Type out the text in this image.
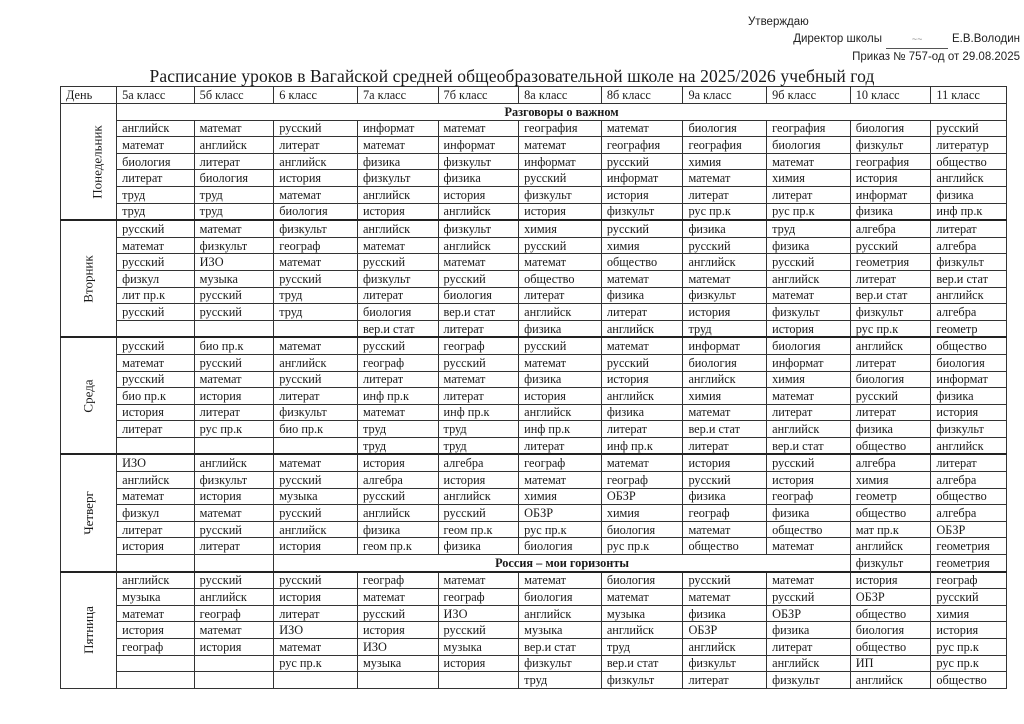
Утверждаю
Директор школы	~~	Е.В.Володин
Приказ № 757-од от 29.08.2025
Расписание уроков в Вагайской средней общеобразовательной школе на 2025/2026 учебный год
День	5а класс	5б класс	6 класс	7а класс	7б класс	8а класс	8б класс	9а класс	9б класс	10 класс	11 класс
Понедельник	Разговоры о важном										
	английск	математ	русский	информат	математ	география	математ	биология	география	биология	русский
	математ	английск	литерат	математ	информат	математ	география	география	биология	физкульт	литератур
	биология	литерат	английск	физика	физкульт	информат	русский	химия	математ	география	общество
	литерат	биология	история	физкульт	физика	русский	информат	математ	химия	история	английск
	труд	труд	математ	английск	история	физкульт	история	литерат	литерат	информат	физика
	труд	труд	биология	история	английск	история	физкульт	рус пр.к	рус пр.к	физика	инф пр.к
Вторник	русский	математ	физкульт	английск	физкульт	химия	русский	физика	труд	алгебра	литерат
	математ	физкульт	географ	математ	английск	русский	химия	русский	физика	русский	алгебра
	русский	ИЗО	математ	русский	математ	математ	общество	английск	русский	геометрия	физкульт
	физкул	музыка	русский	физкульт	русский	общество	математ	математ	английск	литерат	вер.и стат
	лит пр.к	русский	труд	литерат	биология	литерат	физика	физкульт	математ	вер.и стат	английск
	русский	русский	труд	биология	вер.и стат	английск	литерат	история	физкульт	физкульт	алгебра
				вер.и стат	литерат	физика	английск	труд	история	рус пр.к	геометр
Среда	русский	био пр.к	математ	русский	географ	русский	математ	информат	биология	английск	общество
	математ	русский	английск	географ	русский	математ	русский	биология	информат	литерат	биология
	русский	математ	русский	литерат	математ	физика	история	английск	химия	биология	информат
	био пр.к	история	литерат	инф пр.к	литерат	история	английск	химия	математ	русский	физика
	история	литерат	физкульт	математ	инф пр.к	английск	физика	математ	литерат	литерат	история
	литерат	рус пр.к	био пр.к	труд	труд	инф пр.к	литерат	вер.и стат	английск	физика	физкульт
				труд	труд	литерат	инф пр.к	литерат	вер.и стат	общество	английск
Четверг	ИЗО	английск	математ	история	алгебра	географ	математ	история	русский	алгебра	литерат
	английск	физкульт	русский	алгебра	история	математ	географ	русский	история	химия	алгебра
	математ	история	музыка	русский	английск	химия	ОБЗР	физика	географ	геометр	общество
	физкул	математ	русский	английск	русский	ОБЗР	химия	географ	физика	общество	алгебра
	литерат	русский	английск	физика	геом пр.к	рус пр.к	биология	математ	общество	мат пр.к	ОБЗР
	история	литерат	история	геом пр.к	физика	биология	рус пр.к	общество	математ	английск	геометрия
			Россия – мои горизонты							физкульт	геометрия
Пятница	английск	русский	русский	географ	математ	математ	биология	русский	математ	история	географ
	музыка	английск	история	математ	географ	биология	математ	математ	русский	ОБЗР	русский
	математ	географ	литерат	русский	ИЗО	английск	музыка	физика	ОБЗР	общество	химия
	история	математ	ИЗО	история	русский	музыка	английск	ОБЗР	физика	биология	история
	географ	история	математ	ИЗО	музыка	вер.и стат	труд	английск	литерат	общество	рус пр.к
			рус пр.к	музыка	история	физкульт	вер.и стат	физкульт	английск	ИП	рус пр.к
						труд	физкульт	литерат	физкульт	английск	общество
